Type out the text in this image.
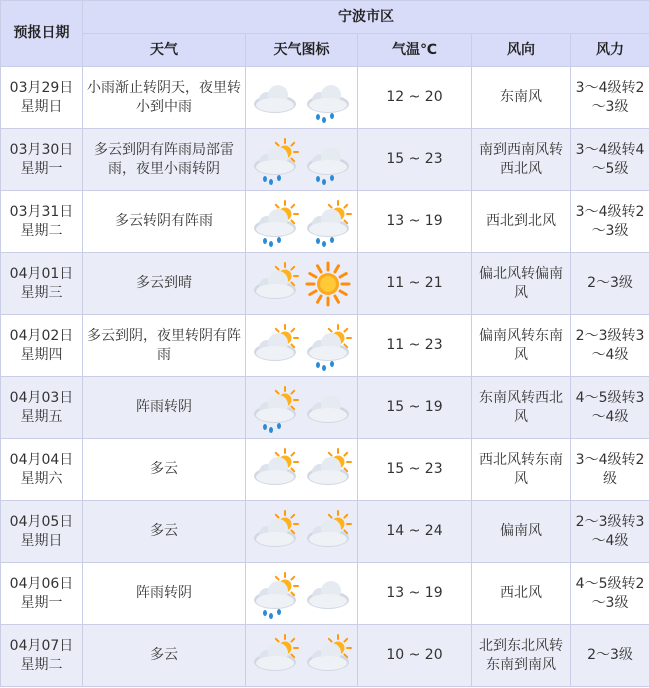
预报日期	宁波市区				
	天气	天气图标	气温℃	风向	风力

03月29日
星期日	小雨渐止转阴天，夜里转小到中雨		12 ~ 20	东南风	3～4级转2～3级

03月30日
星期一	多云到阴有阵雨局部雷雨，夜里小雨转阴		15 ~ 23	南到西南风转西北风	3～4级转4～5级

03月31日
星期二	多云转阴有阵雨		13 ~ 19	西北到北风	3～4级转2～3级

04月01日
星期三	多云到晴		11 ~ 21	偏北风转偏南风	2～3级

04月02日
星期四	多云到阴，夜里转阴有阵雨		11 ~ 23	偏南风转东南风	2～3级转3～4级

04月03日
星期五	阵雨转阴		15 ~ 19	东南风转西北风	4～5级转3～4级

04月04日
星期六	多云		15 ~ 23	西北风转东南风	3～4级转2级

04月05日
星期日	多云		14 ~ 24	偏南风	2～3级转3～4级

04月06日
星期一	阵雨转阴		13 ~ 19	西北风	4～5级转2～3级

04月07日
星期二	多云		10 ~ 20	北到东北风转东南到南风	2～3级
